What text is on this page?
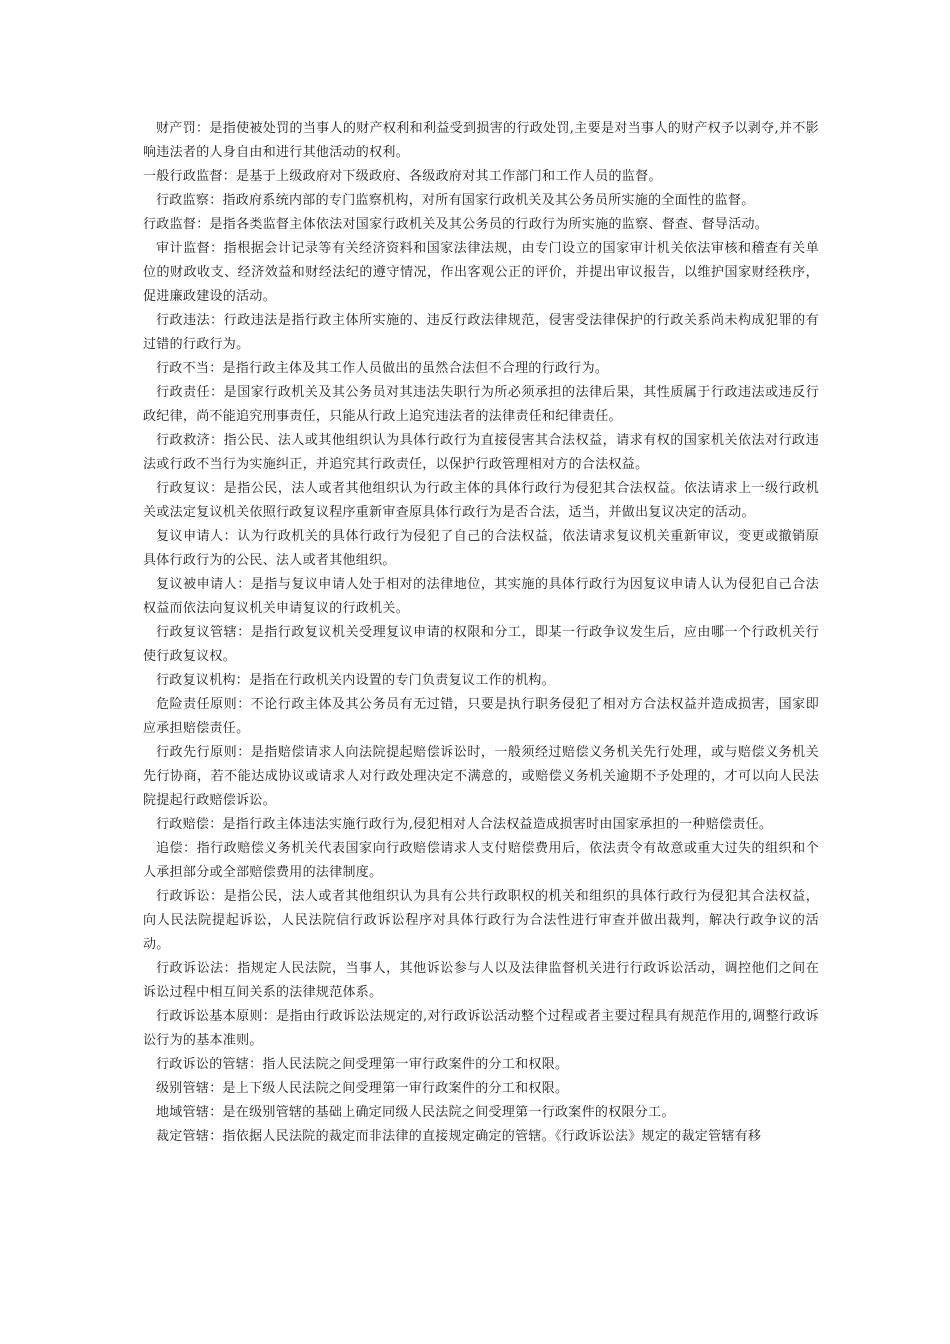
财产罚：是指使被处罚的当事人的财产权利和利益受到损害的行政处罚,主要是对当事人的财产权予以剥夺,并不影响违法者的人身自由和进行其他活动的权利。

一般行政监督：是基于上级政府对下级政府、各级政府对其工作部门和工作人员的监督。

行政监察：指政府系统内部的专门监察机构，对所有国家行政机关及其公务员所实施的全面性的监督。

行政监督：是指各类监督主体依法对国家行政机关及其公务员的行政行为所实施的监察、督查、督导活动。

审计监督：指根据会计记录等有关经济资料和国家法律法规，由专门设立的国家审计机关依法审核和稽查有关单位的财政收支、经济效益和财经法纪的遵守情况，作出客观公正的评价，并提出审议报告，以维护国家财经秩序，促进廉政建设的活动。

行政违法：行政违法是指行政主体所实施的、违反行政法律规范，侵害受法律保护的行政关系尚未构成犯罪的有过错的行政行为。

行政不当：是指行政主体及其工作人员做出的虽然合法但不合理的行政行为。

行政责任：是国家行政机关及其公务员对其违法失职行为所必须承担的法律后果，其性质属于行政违法或违反行政纪律，尚不能追究刑事责任，只能从行政上追究违法者的法律责任和纪律责任。

行政救济：指公民、法人或其他组织认为具体行政行为直接侵害其合法权益，请求有权的国家机关依法对行政违法或行政不当行为实施纠正，并追究其行政责任，以保护行政管理相对方的合法权益。

行政复议：是指公民，法人或者其他组织认为行政主体的具体行政行为侵犯其合法权益。依法请求上一级行政机关或法定复议机关依照行政复议程序重新审查原具体行政行为是否合法，适当，并做出复议决定的活动。

复议申请人：认为行政机关的具体行政行为侵犯了自己的合法权益，依法请求复议机关重新审议，变更或撤销原具体行政行为的公民、法人或者其他组织。

复议被申请人：是指与复议申请人处于相对的法律地位，其实施的具体行政行为因复议申请人认为侵犯自己合法权益而依法向复议机关申请复议的行政机关。

行政复议管辖：是指行政复议机关受理复议申请的权限和分工，即某一行政争议发生后，应由哪一个行政机关行使行政复议权。

行政复议机构：是指在行政机关内设置的专门负责复议工作的机构。

危险责任原则：不论行政主体及其公务员有无过错，只要是执行职务侵犯了相对方合法权益并造成损害，国家即应承担赔偿责任。

行政先行原则：是指赔偿请求人向法院提起赔偿诉讼时，一般须经过赔偿义务机关先行处理，或与赔偿义务机关先行协商，若不能达成协议或请求人对行政处理决定不满意的，或赔偿义务机关逾期不予处理的，才可以向人民法院提起行政赔偿诉讼。

行政赔偿：是指行政主体违法实施行政行为,侵犯相对人合法权益造成损害时由国家承担的一种赔偿责任。

追偿：指行政赔偿义务机关代表国家向行政赔偿请求人支付赔偿费用后，依法责令有故意或重大过失的组织和个人承担部分或全部赔偿费用的法律制度。

行政诉讼：是指公民，法人或者其他组织认为具有公共行政职权的机关和组织的具体行政行为侵犯其合法权益，向人民法院提起诉讼，人民法院信行政诉讼程序对具体行政行为合法性进行审查并做出裁判，解决行政争议的活动。

行政诉讼法：指规定人民法院，当事人，其他诉讼参与人以及法律监督机关进行行政诉讼活动，调控他们之间在诉讼过程中相互间关系的法律规范体系。

行政诉讼基本原则：是指由行政诉讼法规定的,对行政诉讼活动整个过程或者主要过程具有规范作用的,调整行政诉讼行为的基本准则。

行政诉讼的管辖：指人民法院之间受理第一审行政案件的分工和权限。

级别管辖：是上下级人民法院之间受理第一审行政案件的分工和权限。

地域管辖：是在级别管辖的基础上确定同级人民法院之间受理第一行政案件的权限分工。

裁定管辖：指依据人民法院的裁定而非法律的直接规定确定的管辖。《行政诉讼法》规定的裁定管辖有移
